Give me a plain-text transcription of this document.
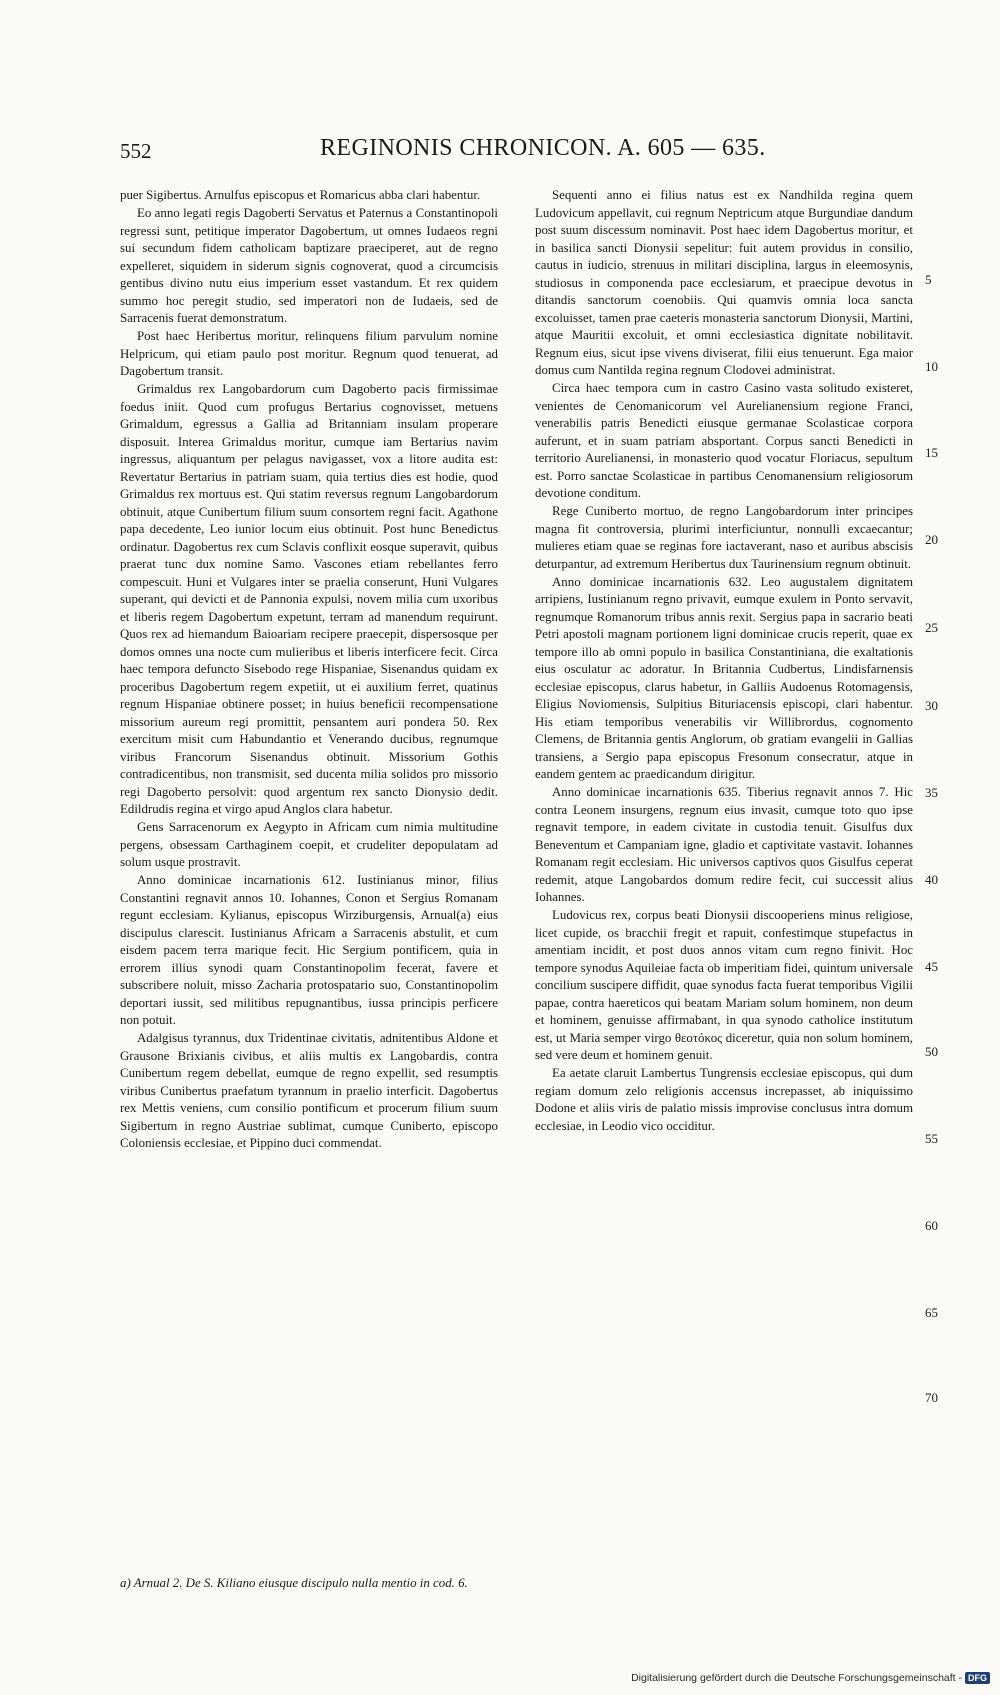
552	REGINONIS CHRONICON. A. 605 — 635.

puer Sigibertus. Arnulfus episcopus et Romaricus abba clari habentur.

Eo anno legati regis Dagoberti Servatus et Paternus a Constantinopoli regressi sunt, petitique imperator Dagobertum, ut omnes Iudaeos regni sui secundum fidem catholicam baptizare praeciperet, aut de regno expelleret, siquidem in siderum signis cognoverat, quod a circumcisis gentibus divino nutu eius imperium esset vastandum. Et rex quidem summo hoc peregit studio, sed imperatori non de Iudaeis, sed de Sarracenis fuerat demonstratum.

Post haec Heribertus moritur, relinquens filium parvulum nomine Helpricum, qui etiam paulo post moritur. Regnum quod tenuerat, ad Dagobertum transit.

Grimaldus rex Langobardorum cum Dagoberto pacis firmissimae foedus iniit. Quod cum profugus Bertarius cognovisset, metuens Grimaldum, egressus a Gallia ad Britanniam insulam properare disposuit. Interea Grimaldus moritur, cumque iam Bertarius navim ingressus, aliquantum per pelagus navigasset, vox a litore audita est: Revertatur Bertarius in patriam suam, quia tertius dies est hodie, quod Grimaldus rex mortuus est. Qui statim reversus regnum Langobardorum obtinuit, atque Cunibertum filium suum consortem regni facit. Agathone papa decedente, Leo iunior locum eius obtinuit. Post hunc Benedictus ordinatur. Dagobertus rex cum Sclavis conflixit eosque superavit, quibus praerat tunc dux nomine Samo. Vascones etiam rebellantes ferro compescuit. Huni et Vulgares inter se praelia conserunt, Huni Vulgares superant, qui devicti et de Pannonia expulsi, novem milia cum uxoribus et liberis regem Dagobertum expetunt, terram ad manendum requirunt. Quos rex ad hiemandum Baioariam recipere praecepit, dispersosque per domos omnes una nocte cum mulieribus et liberis interficere fecit. Circa haec tempora defuncto Sisebodo rege Hispaniae, Sisenandus quidam ex proceribus Dagobertum regem expetiit, ut ei auxilium ferret, quatinus regnum Hispaniae obtinere posset; in huius beneficii recompensatione missorium aureum regi promittit, pensantem auri pondera 50. Rex exercitum misit cum Habundantio et Venerando ducibus, regnumque viribus Francorum Sisenandus obtinuit. Missorium Gothis contradicentibus, non transmisit, sed ducenta milia solidos pro missorio regi Dagoberto persolvit: quod argentum rex sancto Dionysio dedit. Edildrudis regina et virgo apud Anglos clara habetur.

Gens Sarracenorum ex Aegypto in Africam cum nimia multitudine pergens, obsessam Carthaginem coepit, et crudeliter depopulatam ad solum usque prostravit.

Anno dominicae incarnationis 612. Iustinianus minor, filius Constantini regnavit annos 10. Iohannes, Conon et Sergius Romanam regunt ecclesiam. Kylianus, episcopus Wirziburgensis, Arnual(a) eius discipulus clarescit. Iustinianus Africam a Sarracenis abstulit, et cum eisdem pacem terra marique fecit. Hic Sergium pontificem, quia in errorem illius synodi quam Constantinopolim fecerat, favere et subscribere noluit, misso Zacharia protospatario suo, Constantinopolim deportari iussit, sed militibus repugnantibus, iussa principis perficere non potuit.

Adalgisus tyrannus, dux Tridentinae civitatis, adnitentibus Aldone et Grausone Brixianis civibus, et aliis multis ex Langobardis, contra Cunibertum regem debellat, eumque de regno expellit, sed resumptis viribus Cunibertus praefatum tyrannum in praelio interficit. Dagobertus rex Mettis veniens, cum consilio pontificum et procerum filium suum Sigibertum in regno Austriae sublimat, cumque Cuniberto, episcopo Coloniensis ecclesiae, et Pippino duci commendat.

Sequenti anno ei filius natus est ex Nandhilda regina quem Ludovicum appellavit, cui regnum Neptricum atque Burgundiae dandum post suum discessum nominavit. Post haec idem Dagobertus moritur, et in basilica sancti Dionysii sepelitur: fuit autem providus in consilio, cautus in iudicio, strenuus in militari disciplina, largus in eleemosynis, studiosus in componenda pace ecclesiarum, et praecipue devotus in ditandis sanctorum coenobiis. Qui quamvis omnia loca sancta excoluisset, tamen prae caeteris monasteria sanctorum Dionysii, Martini, atque Mauritii excoluit, et omni ecclesiastica dignitate nobilitavit. Regnum eius, sicut ipse vivens diviserat, filii eius tenuerunt. Ega maior domus cum Nantilda regina regnum Clodovei administrat.

Circa haec tempora cum in castro Casino vasta solitudo existeret, venientes de Cenomanicorum vel Aurelianensium regione Franci, venerabilis patris Benedicti eiusque germanae Scolasticae corpora auferunt, et in suam patriam absportant. Corpus sancti Benedicti in territorio Aurelianensi, in monasterio quod vocatur Floriacus, sepultum est. Porro sanctae Scolasticae in partibus Cenomanensium religiosorum devotione conditum.

Rege Cuniberto mortuo, de regno Langobardorum inter principes magna fit controversia, plurimi interficiuntur, nonnulli excaecantur; mulieres etiam quae se reginas fore iactaverant, naso et auribus abscisis deturpantur, ad extremum Heribertus dux Taurinensium regnum obtinuit.

Anno dominicae incarnationis 632. Leo augustalem dignitatem arripiens, Iustinianum regno privavit, eumque exulem in Ponto servavit, regnumque Romanorum tribus annis rexit. Sergius papa in sacrario beati Petri apostoli magnam portionem ligni dominicae crucis reperit, quae ex tempore illo ab omni populo in basilica Constantiniana, die exaltationis eius osculatur ac adoratur. In Britannia Cudbertus, Lindisfarnensis ecclesiae episcopus, clarus habetur, in Galliis Audoenus Rotomagensis, Eligius Noviomensis, Sulpitius Bituriacensis episcopi, clari habentur. His etiam temporibus venerabilis vir Willibrordus, cognomento Clemens, de Britannia gentis Anglorum, ob gratiam evangelii in Gallias transiens, a Sergio papa episcopus Fresonum consecratur, atque in eandem gentem ac praedicandum dirigitur.

Anno dominicae incarnationis 635. Tiberius regnavit annos 7. Hic contra Leonem insurgens, regnum eius invasit, cumque toto quo ipse regnavit tempore, in eadem civitate in custodia tenuit. Gisulfus dux Beneventum et Campaniam igne, gladio et captivitate vastavit. Iohannes Romanam regit ecclesiam. Hic universos captivos quos Gisulfus ceperat redemit, atque Langobardos domum redire fecit, cui successit alius Iohannes.

Ludovicus rex, corpus beati Dionysii discooperiens minus religiose, licet cupide, os bracchii fregit et rapuit, confestimque stupefactus in amentiam incidit, et post duos annos vitam cum regno finivit. Hoc tempore synodus Aquileiae facta ob imperitiam fidei, quintum universale concilium suscipere diffidit, quae synodus facta fuerat temporibus Vigilii papae, contra haereticos qui beatam Mariam solum hominem, non deum et hominem, genuisse affirmabant, in qua synodo catholice institutum est, ut Maria semper virgo θεοτόκος diceretur, quia non solum hominem, sed vere deum et hominem genuit.

Ea aetate claruit Lambertus Tungrensis ecclesiae episcopus, qui dum regiam domum zelo religionis accensus increpasset, ab iniquissimo Dodone et aliis viris de palatio missis improvise conclusus intra domum ecclesiae, in Leodio vico occiditur.

5
10
15
20
25
30
35
40
45
50
55
60
65
70
a) Arnual 2. De S. Kiliano eiusque discipulo nulla mentio in cod. 6.
Digitalisierung gefördert durch die Deutsche Forschungsgemeinschaft - DFG
